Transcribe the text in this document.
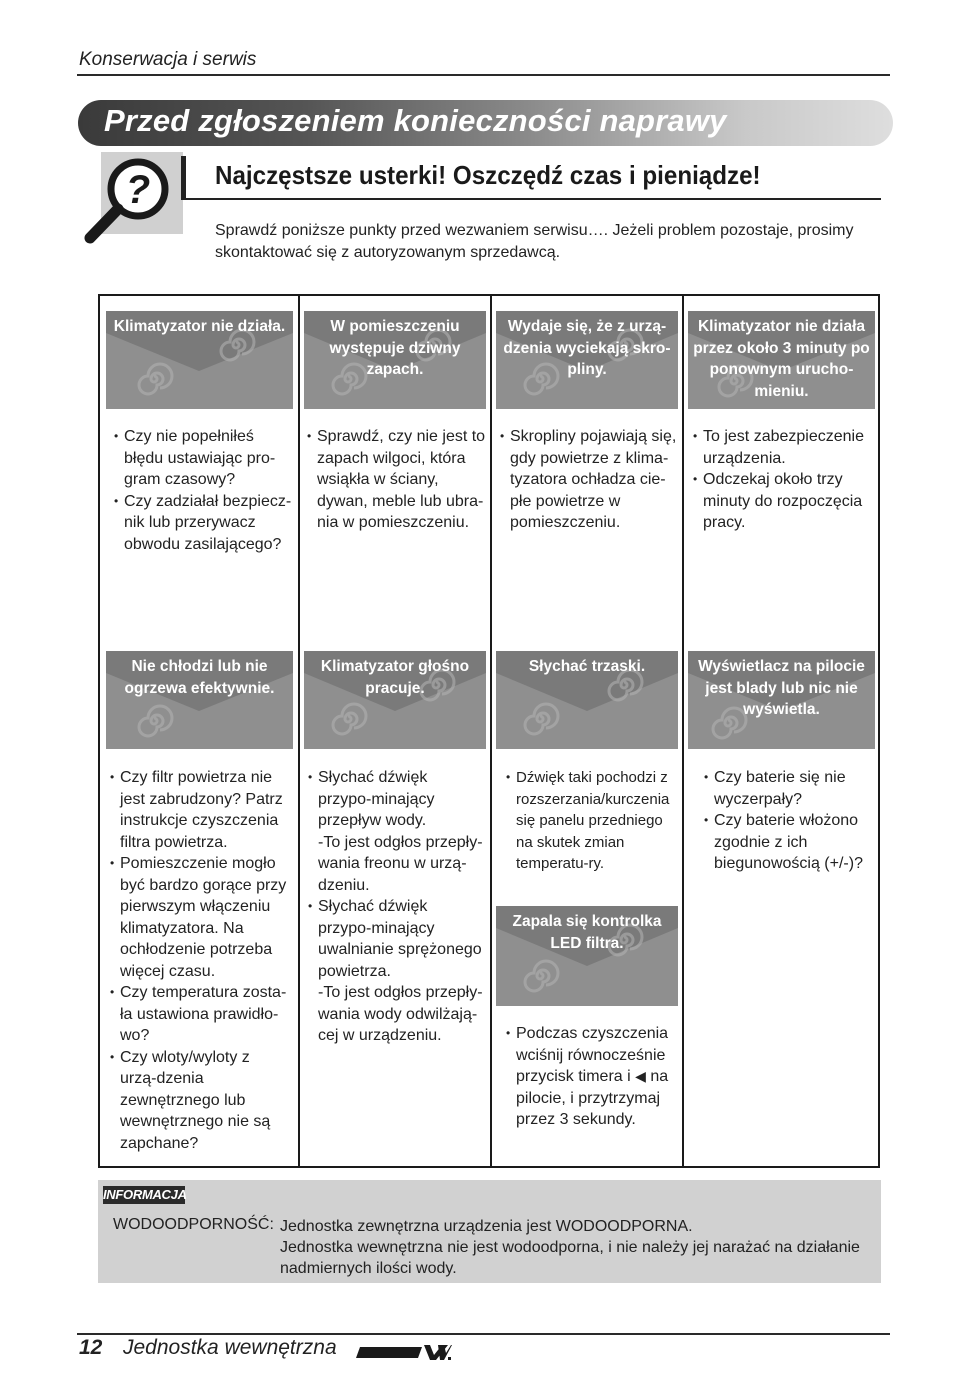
Konserwacja i serwis
Przed zgłoszeniem konieczności naprawy
? Najczęstsze usterki! Oszczędź czas i pieniądze!
Sprawdź poniższe punkty przed wezwaniem serwisu…. Jeżeli problem pozostaje, prosimy skontaktować się z autoryzowanym sprzedawcą.
Klimatyzator nie działa.	W pomieszczeniu występuje dziwny zapach.
Wydaje się, że z urzą-dzenia wyciekają skro-pliny.
Klimatyzator nie działa przez około 3 minuty po ponownym urucho-mieniu.
• Czy nie popełniłeś błędu ustawiając pro-gram czasowy?
• Czy zadziałał bezpiecz-nik lub przerywacz obwodu zasilającego?
• Sprawdź, czy nie jest to zapach wilgoci, która wsiąkła w ściany, dywan, meble lub ubra-nia w pomieszczeniu.
• Skropliny pojawiają się, gdy powietrze z klima-tyzatora ochładza cie-płe powietrze w pomieszczeniu.
• To jest zabezpieczenie urządzenia.
• Odczekaj około trzy minuty do rozpoczęcia pracy.
Nie chłodzi lub nie ogrzewa efektywnie.
Klimatyzator głośno pracuje.
Słychać trzaski.	Wyświetlacz na pilocie jest blady lub nic nie wyświetla.
• Czy filtr powietrza nie jest zabrudzony? Patrz instrukcje czyszczenia filtra powietrza.
• Pomieszczenie mogło być bardzo gorące przy pierwszym włączeniu klimatyzatora. Na ochłodzenie potrzeba więcej czasu.
• Czy temperatura zosta-ła ustawiona prawidło-wo?
• Czy wloty/wyloty z urzą-dzenia zewnętrznego lub wewnętrznego nie są zapchane?
• Słychać dźwięk przypo-minający przepływ wody.
-To jest odgłos przepły-wania freonu w urzą-dzeniu.
• Słychać dźwięk przypo-minający uwalnianie sprężonego powietrza.
-To jest odgłos przepły-wania wody odwilżają-cej w urządzeniu.
• Dźwięk taki pochodzi z rozszerzania/kurczenia się panelu przedniego na skutek zmian temperatu-ry.
• Czy baterie się nie wyczerpały?
• Czy baterie włożono zgodnie z ich biegunowością (+/-)?
Zapala się kontrolka LED filtra.
• Podczas czyszczenia wciśnij równocześnie przycisk timera i ◀ na pilocie, i przytrzymaj przez 3 sekundy.
INFORMACJA
WODOODPORNOŚĆ: Jednostka zewnętrzna urządzenia jest WODOODPORNA.
Jednostka wewnętrzna nie jest wodoodporna, i nie należy jej narażać na działanie nadmiernych ilości wody.
12 Jednostka wewnętrzna
